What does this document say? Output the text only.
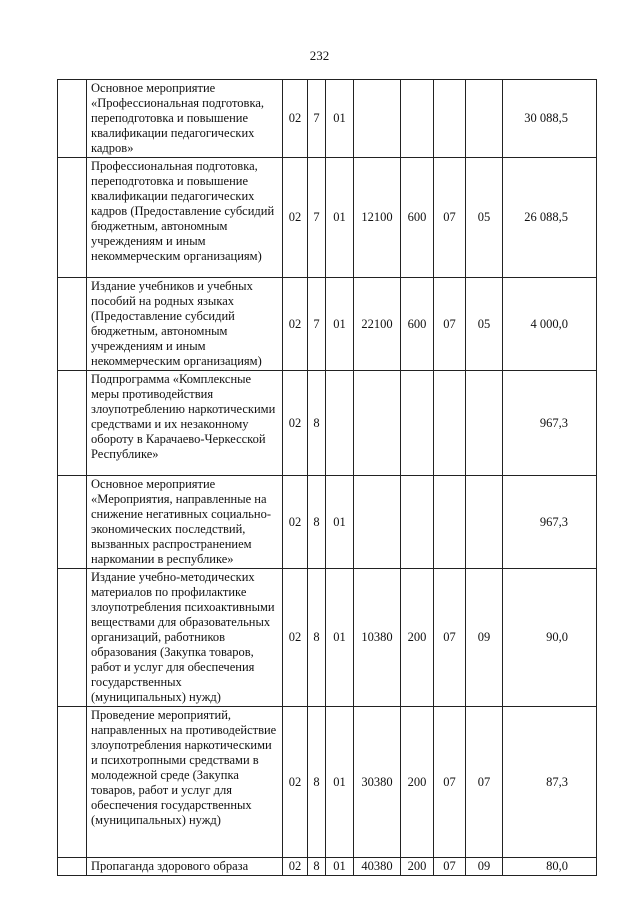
232
	Основное мероприятие «Профессиональная подготовка, переподготовка и повышение квалификации педагогических кадров»	02	7	01					30 088,5
	Профессиональная подготовка, переподготовка и повышение квалификации педагогических кадров (Предоставление субсидий бюджетным, автономным учреждениям и иным некоммерческим организациям)	02	7	01	12100	600	07	05	26 088,5
	Издание учебников и учебных пособий на родных языках (Предоставление субсидий бюджетным, автономным учреждениям и иным некоммерческим организациям)	02	7	01	22100	600	07	05	4 000,0
	Подпрограмма «Комплексные меры противодействия злоупотреблению наркотическими средствами и их незаконному обороту в Карачаево-Черкесской Республике»	02	8						967,3
	Основное мероприятие «Мероприятия, направленные на снижение негативных социально-экономических последствий, вызванных распространением наркомании в республике»	02	8	01					967,3
	Издание учебно-методических материалов по профилактике злоупотребления психоактивными веществами для образовательных организаций, работников образования (Закупка товаров, работ и услуг для обеспечения государственных (муниципальных) нужд)	02	8	01	10380	200	07	09	90,0
	Проведение мероприятий, направленных на противодействие злоупотребления наркотическими и психотропными средствами в молодежной среде (Закупка товаров, работ и услуг для обеспечения государственных (муниципальных) нужд)	02	8	01	30380	200	07	07	87,3
	Пропаганда здорового образа	02	8	01	40380	200	07	09	80,0
